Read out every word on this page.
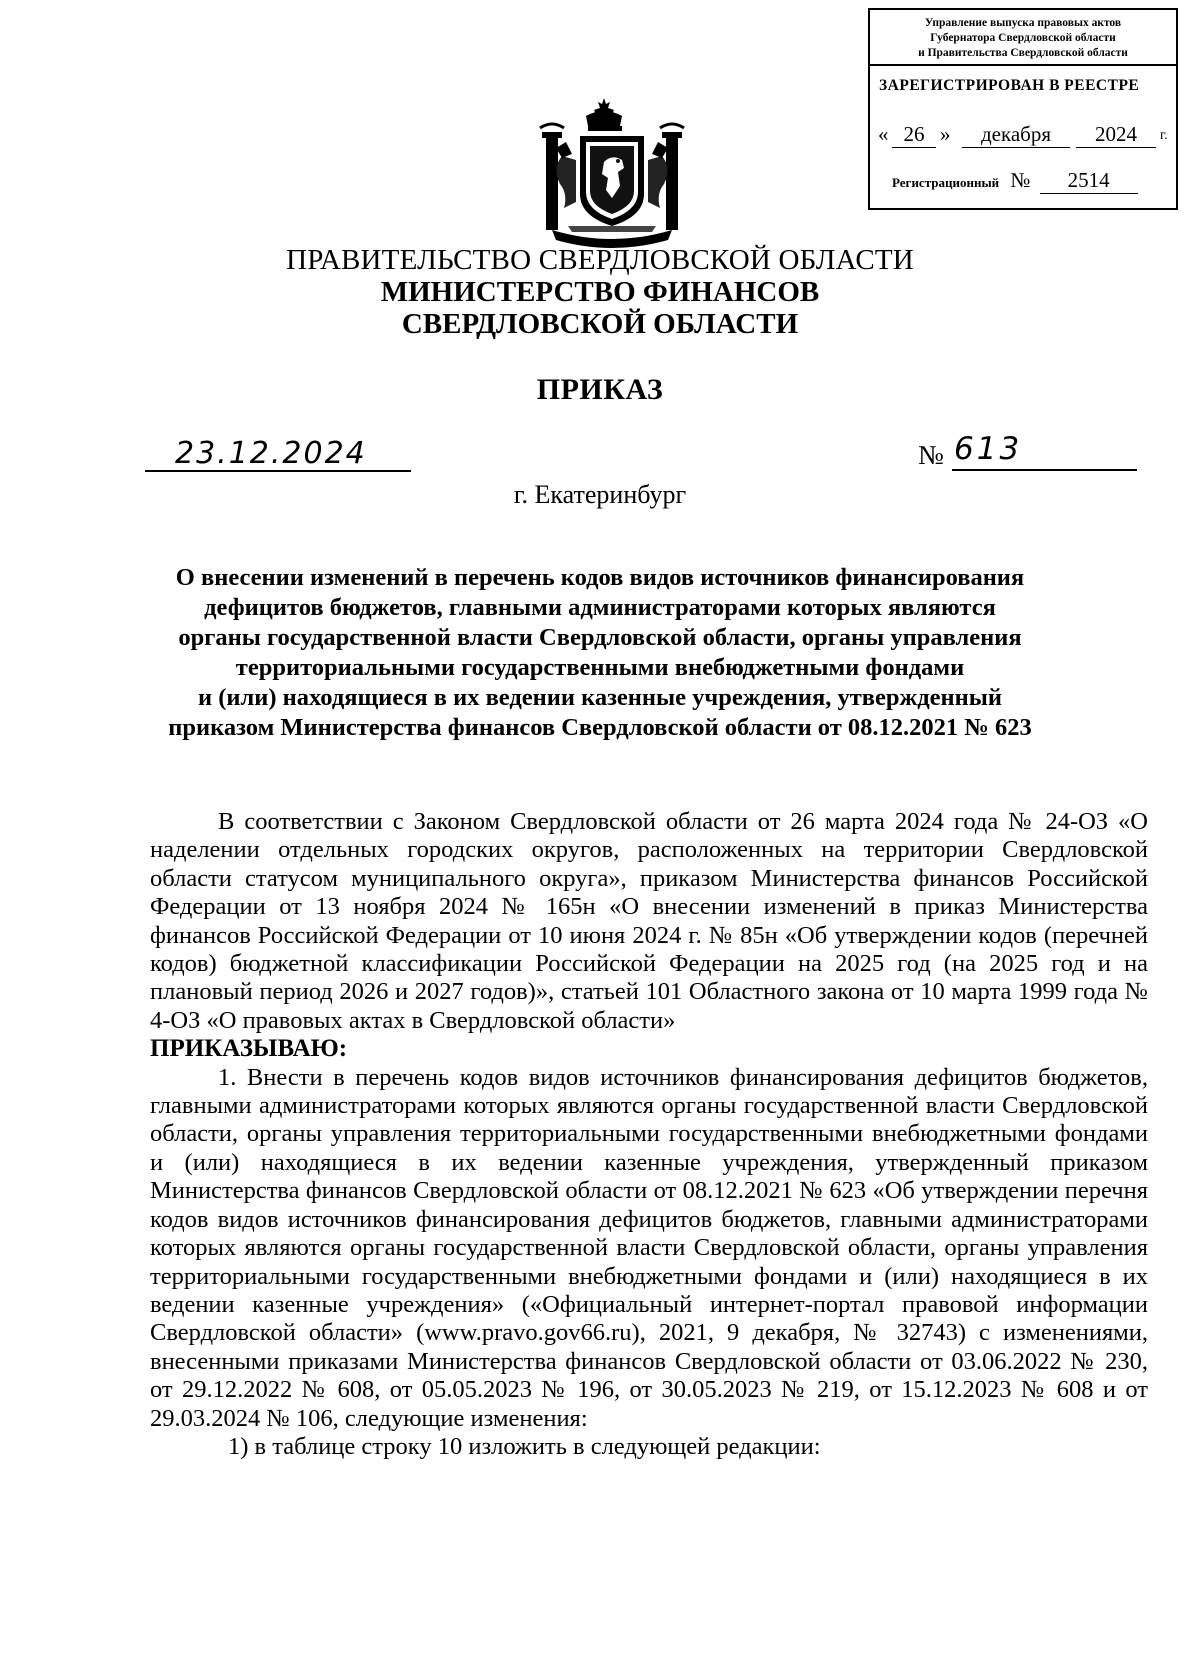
Управление выпуска правовых актов
Губернатора Свердловской области
и Правительства Свердловской области
ЗАРЕГИСТРИРОВАН В РЕЕСТРЕ
« 26 »	декабря	2024	г.
Регистрационный № 2514
ПРАВИТЕЛЬСТВО СВЕРДЛОВСКОЙ ОБЛАСТИ
МИНИСТЕРСТВО ФИНАНСОВ
СВЕРДЛОВСКОЙ ОБЛАСТИ
ПРИКАЗ
23.12.2024	№ 613
г. Екатеринбург
О внесении изменений в перечень кодов видов источников финансирования
дефицитов бюджетов, главными администраторами которых являются
органы государственной власти Свердловской области, органы управления
территориальными государственными внебюджетными фондами
и (или) находящиеся в их ведении казенные учреждения, утвержденный
приказом Министерства финансов Свердловской области от 08.12.2021 № 623

В соответствии с Законом Свердловской области от 26 марта 2024 года № 24-ОЗ «О наделении отдельных городских округов, расположенных на территории Свердловской области статусом муниципального округа», приказом Министерства финансов Российской Федерации от 13 ноября 2024 № 165н «О внесении изменений в приказ Министерства финансов Российской Федерации от 10 июня 2024 г. № 85н «Об утверждении кодов (перечней кодов) бюджетной классификации Российской Федерации на 2025 год (на 2025 год и на плановый период 2026 и 2027 годов)», статьей 101 Областного закона от 10 марта 1999 года № 4-ОЗ «О правовых актах в Свердловской области»

ПРИКАЗЫВАЮ:

1. Внести в перечень кодов видов источников финансирования дефицитов бюджетов, главными администраторами которых являются органы государственной власти Свердловской области, органы управления территориальными государственными внебюджетными фондами и (или) находящиеся в их ведении казенные учреждения, утвержденный приказом Министерства финансов Свердловской области от 08.12.2021 № 623 «Об утверждении перечня кодов видов источников финансирования дефицитов бюджетов, главными администраторами которых являются органы государственной власти Свердловской области, органы управления территориальными государственными внебюджетными фондами и (или) находящиеся в их ведении казенные учреждения» («Официальный интернет-портал правовой информации Свердловской области» (www.pravo.gov66.ru), 2021, 9 декабря, № 32743) с изменениями, внесенными приказами Министерства финансов Свердловской области от 03.06.2022 № 230, от 29.12.2022 № 608, от 05.05.2023 № 196, от 30.05.2023 № 219, от 15.12.2023 № 608 и от 29.03.2024 № 106, следующие изменения:

1) в таблице строку 10 изложить в следующей редакции:
